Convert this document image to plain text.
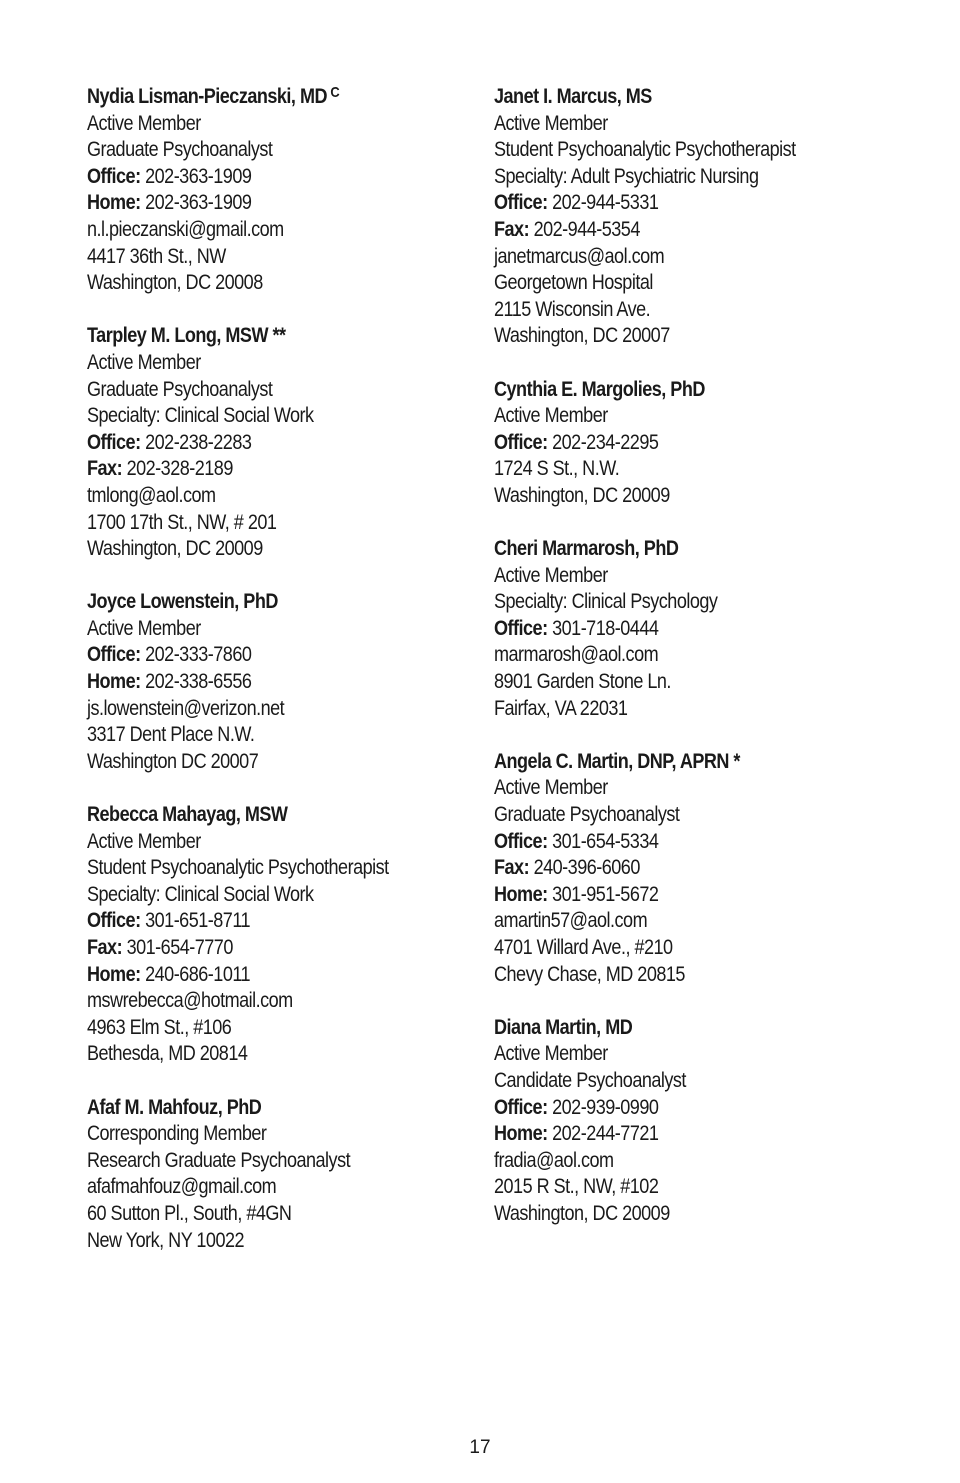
Nydia Lisman-Pieczanski, MD $^C$
Active Member
Graduate Psychoanalyst
Office: 202-363-1909
Home: 202-363-1909
n.l.pieczanski@gmail.com
4417 36th St., NW
Washington, DC 20008
Tarpley M. Long, MSW **
Active Member
Graduate Psychoanalyst
Specialty: Clinical Social Work
Office: 202-238-2283
Fax: 202-328-2189
tmlong@aol.com
1700 17th St., NW, # 201
Washington, DC 20009
Joyce Lowenstein, PhD
Active Member
Office: 202-333-7860
Home: 202-338-6556
js.lowenstein@verizon.net
3317 Dent Place N.W.
Washington DC 20007
Rebecca Mahayag, MSW
Active Member
Student Psychoanalytic Psychotherapist
Specialty: Clinical Social Work
Office: 301-651-8711
Fax: 301-654-7770
Home: 240-686-1011
mswrebecca@hotmail.com
4963 Elm St., #106
Bethesda, MD 20814
Afaf M. Mahfouz, PhD
Corresponding Member
Research Graduate Psychoanalyst
afafmahfouz@gmail.com
60 Sutton Pl., South, #4GN
New York, NY 10022
Janet I. Marcus, MS
Active Member
Student Psychoanalytic Psychotherapist
Specialty: Adult Psychiatric Nursing
Office: 202-944-5331
Fax: 202-944-5354
janetmarcus@aol.com
Georgetown Hospital
2115 Wisconsin Ave.
Washington, DC 20007
Cynthia E. Margolies, PhD
Active Member
Office: 202-234-2295
1724 S St., N.W.
Washington, DC 20009
Cheri Marmarosh, PhD
Active Member
Specialty: Clinical Psychology
Office: 301-718-0444
marmarosh@aol.com
8901 Garden Stone Ln.
Fairfax, VA 22031
Angela C. Martin, DNP, APRN *
Active Member
Graduate Psychoanalyst
Office: 301-654-5334
Fax: 240-396-6060
Home: 301-951-5672
amartin57@aol.com
4701 Willard Ave., #210
Chevy Chase, MD 20815
Diana Martin, MD
Active Member
Candidate Psychoanalyst
Office: 202-939-0990
Home: 202-244-7721
fradia@aol.com
2015 R St., NW, #102
Washington, DC 20009
17
